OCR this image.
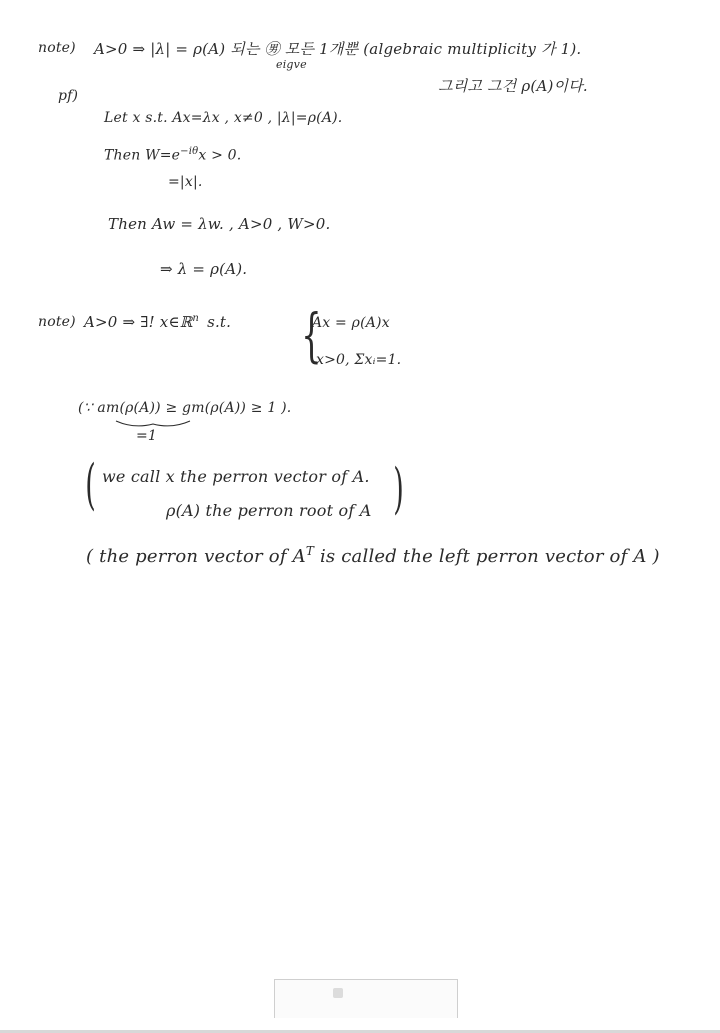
note) A>0 ⇒ |λ| = ρ(A) 되는 ㊚ 모든 1개뿐 (algebraic multiplicity 가 1).
eigve
그리고 그건 ρ(A)이다.
pf)
Let x s.t. Ax=λx , x≠0 , |λ|=ρ(A).
Then $W=e^{-i\theta}x > 0$.
=|x|.
Then Aw = λw. , A>0 , W>0.
⇒ λ = ρ(A).
note) A>0 ⇒ ∃! x∈ℝ$^n$ s.t. {
Ax = ρ(A)x
x>0, Σxᵢ=1.
(∵ am(ρ(A)) ≥ gm(ρ(A)) ≥ 1 ).
=1
( we call x the perron vector of A.
ρ(A) the perron root of A )
( the perron vector of $A^T$ is called the left perron vector of A )
